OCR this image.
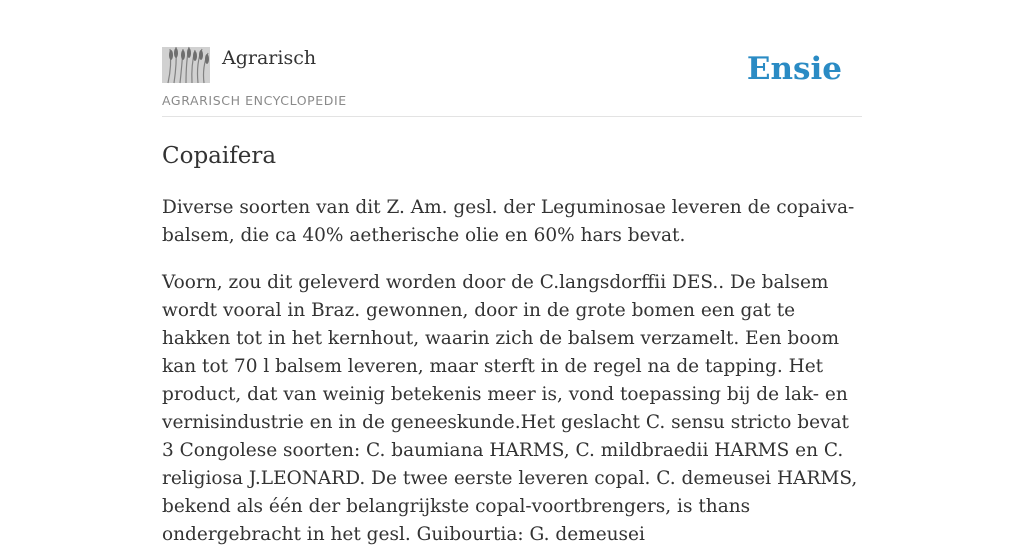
Agrarisch
AGRARISCH ENCYCLOPEDIE
Ensie
Copaifera

Diverse soorten van dit Z. Am. gesl. der Leguminosae leveren de copaiva-balsem, die ca 40% aetherische olie en 60% hars bevat.

Voorn, zou dit geleverd worden door de C.langsdorffii DES.. De balsem wordt vooral in Braz. gewonnen, door in de grote bomen een gat te hakken tot in het kernhout, waarin zich de balsem verzamelt. Een boom kan tot 70 l balsem leveren, maar sterft in de regel na de tapping. Het product, dat van weinig betekenis meer is, vond toepassing bij de lak- en vernisindustrie en in de geneeskunde.Het geslacht C. sensu stricto bevat 3 Congolese soorten: C. baumiana HARMS, C. mildbraedii HARMS en C. religiosa J.LEONARD. De twee eerste leveren copal. C. demeusei HARMS, bekend als één der belangrijkste copal-voortbrengers, is thans ondergebracht in het gesl. Guibourtia: G. demeusei
